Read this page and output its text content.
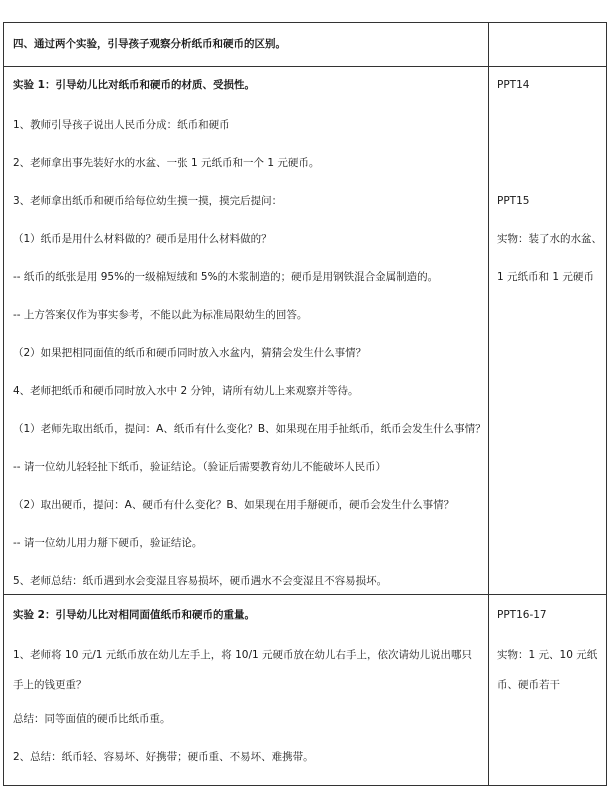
四、通过两个实验，引导孩子观察分析纸币和硬币的区别。
实验 1：引导幼儿比对纸币和硬币的材质、受损性。
1、教师引导孩子说出人民币分成：纸币和硬币
2、老师拿出事先装好水的水盆、一张 1 元纸币和一个 1 元硬币。
3、老师拿出纸币和硬币给每位幼生摸一摸，摸完后提问：
（1）纸币是用什么材料做的？硬币是用什么材料做的？
-- 纸币的纸张是用 95%的一级棉短绒和 5%的木浆制造的；硬币是用钢铁混合金属制造的。
-- 上方答案仅作为事实参考，不能以此为标准局限幼生的回答。
（2）如果把相同面值的纸币和硬币同时放入水盆内，猜猜会发生什么事情？
4、老师把纸币和硬币同时放入水中 2 分钟，请所有幼儿上来观察并等待。
（1）老师先取出纸币，提问：A、纸币有什么变化？B、如果现在用手扯纸币，纸币会发生什么事情？
-- 请一位幼儿轻轻扯下纸币，验证结论。（验证后需要教育幼儿不能破坏人民币）
（2）取出硬币，提问：A、硬币有什么变化？B、如果现在用手掰硬币，硬币会发生什么事情？
-- 请一位幼儿用力掰下硬币，验证结论。
5、老师总结：纸币遇到水会变湿且容易损坏，硬币遇水不会变湿且不容易损坏。
PPT14
PPT15
实物：装了水的水盆、
1 元纸币和 1 元硬币
实验 2：引导幼儿比对相同面值纸币和硬币的重量。
1、老师将 10 元/1 元纸币放在幼儿左手上，将 10/1 元硬币放在幼儿右手上，依次请幼儿说出哪只
手上的钱更重？
总结：同等面值的硬币比纸币重。
2、总结：纸币轻、容易坏、好携带；硬币重、不易坏、难携带。
PPT16-17
实物：1 元、10 元纸
币、硬币若干
